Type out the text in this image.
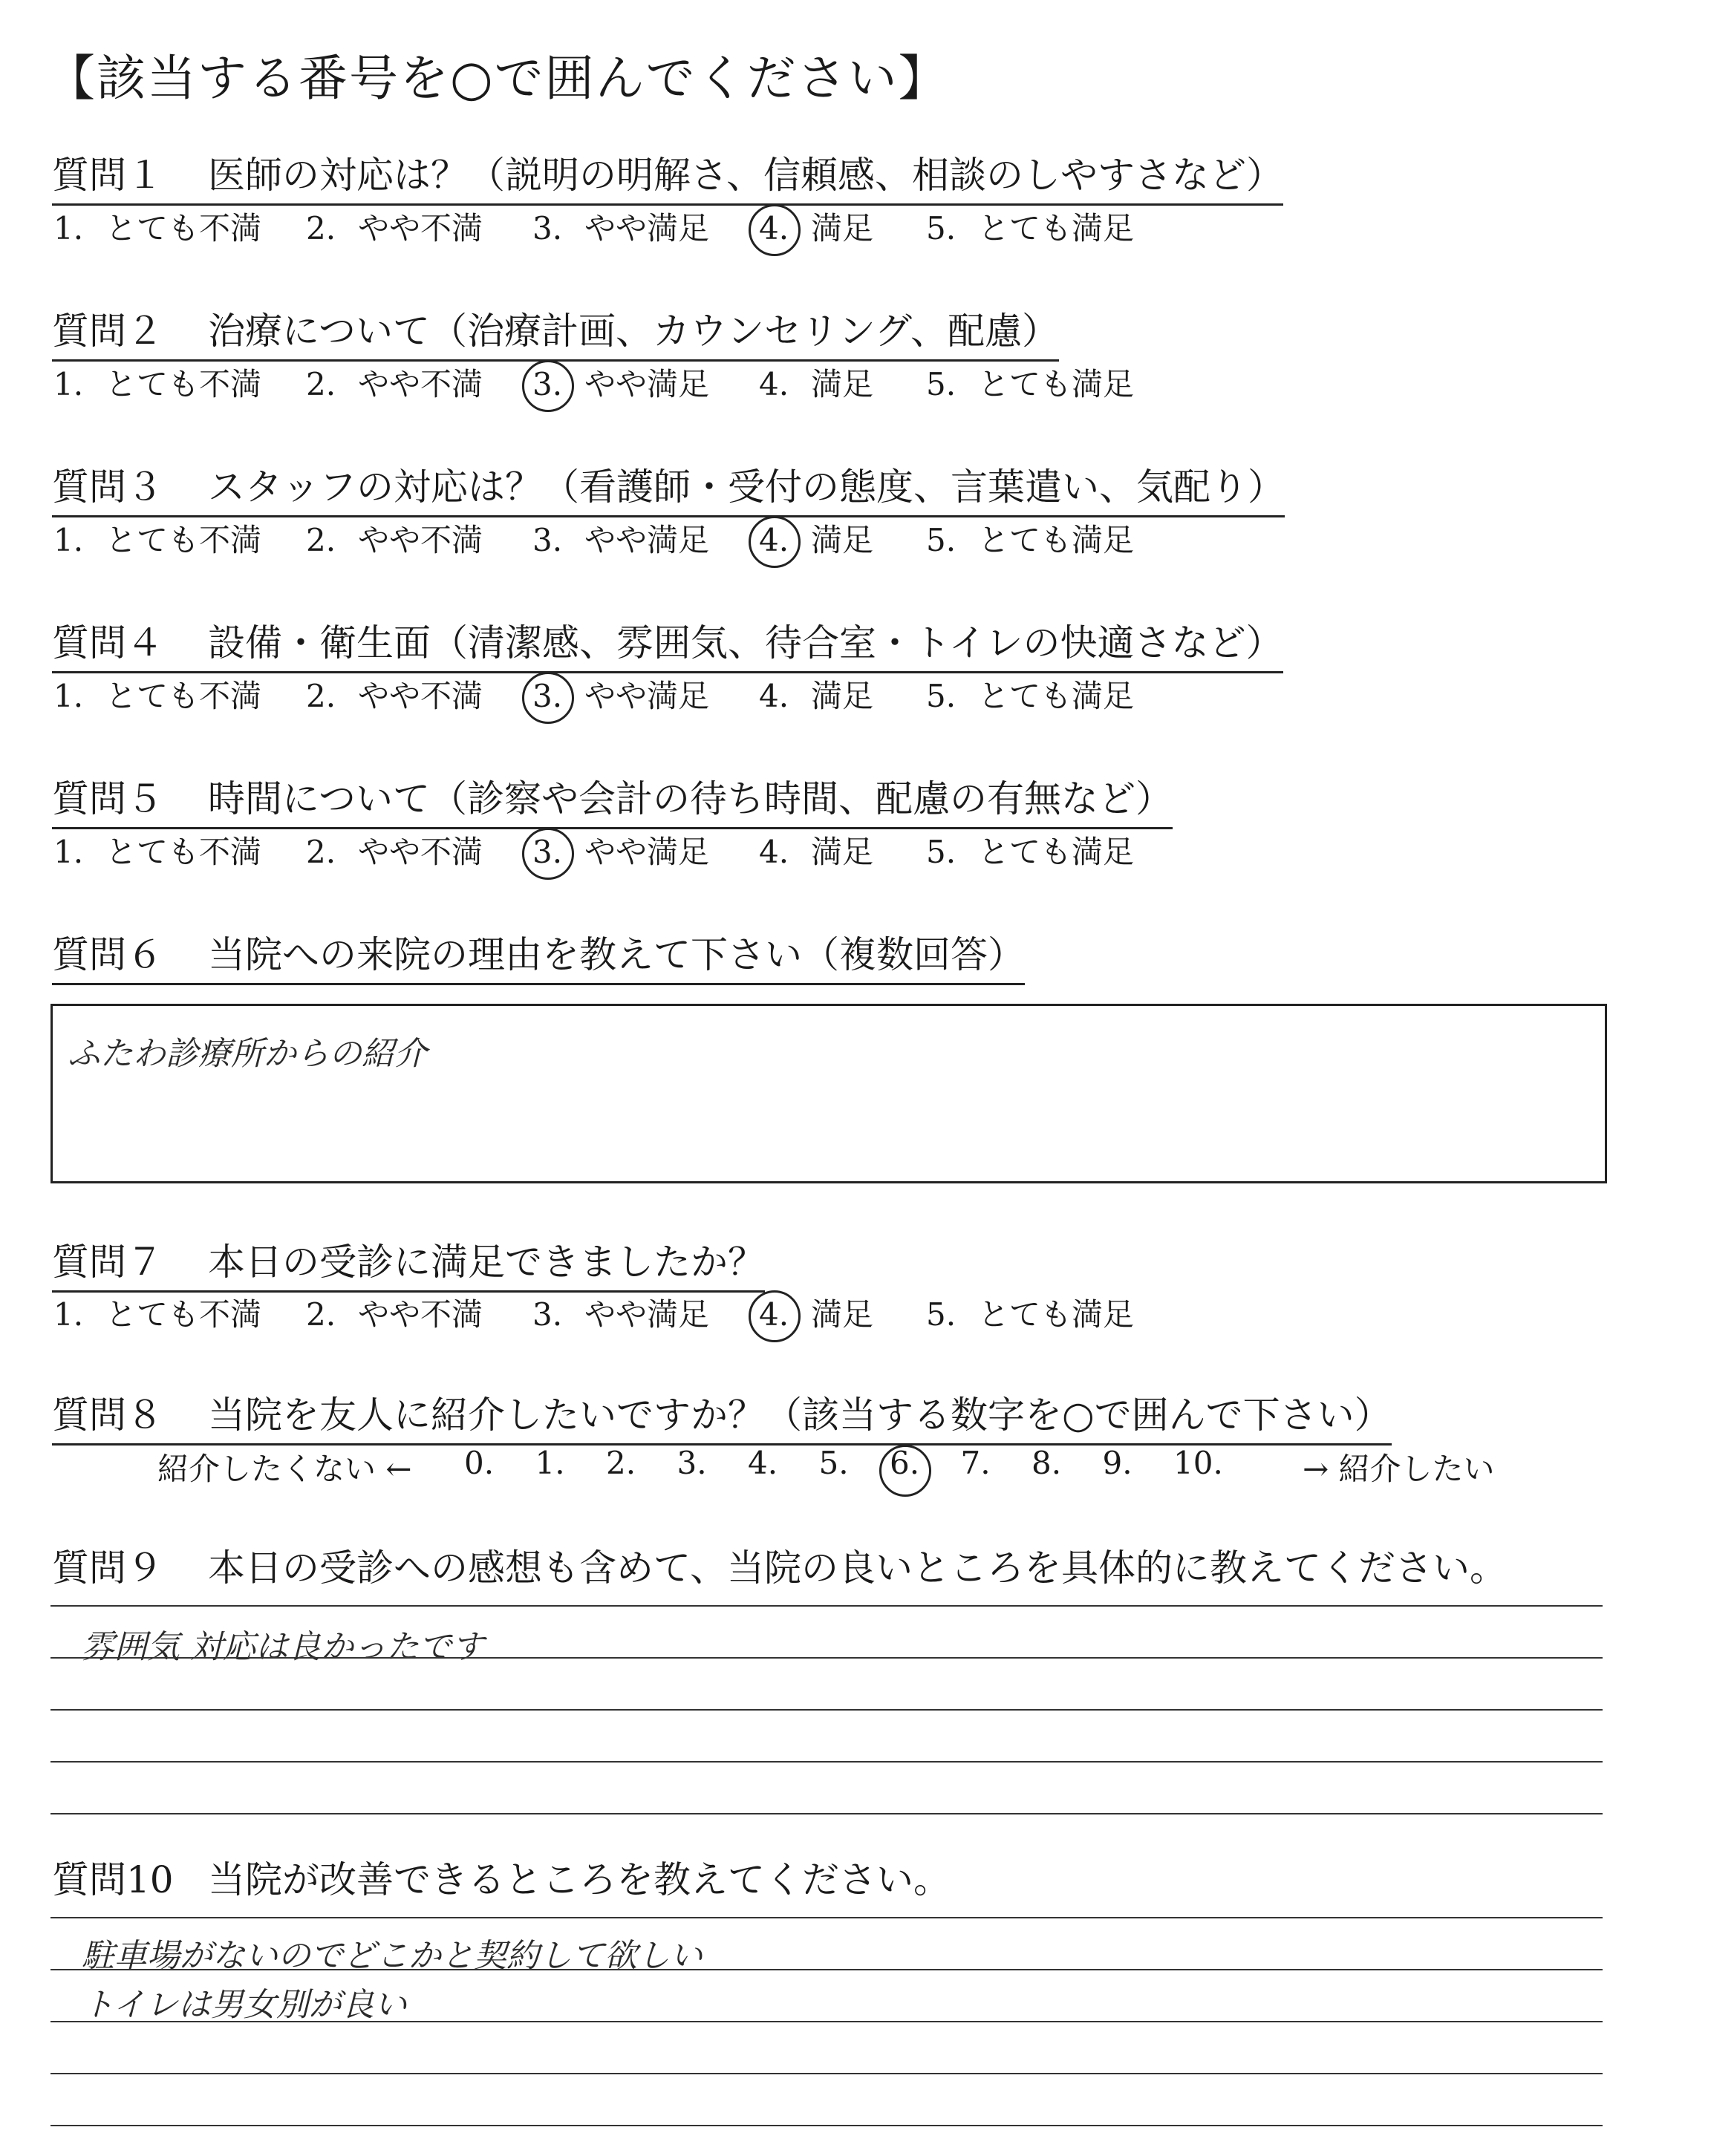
【該当する番号を○で囲んでください】
質問１ 医師の対応は？（説明の明解さ、信頼感、相談のしやすさなど）
1. とても不満 2. やや不満 3. やや満足 4. 満足 5. とても満足
質問２ 治療について（治療計画、カウンセリング、配慮）
1. とても不満 2. やや不満 3. やや満足 4. 満足 5. とても満足
質問３ スタッフの対応は？（看護師・受付の態度、言葉遣い、気配り）
1. とても不満 2. やや不満 3. やや満足 4. 満足 5. とても満足
質問４ 設備・衛生面（清潔感、雰囲気、待合室・トイレの快適さなど）
1. とても不満 2. やや不満 3. やや満足 4. 満足 5. とても満足
質問５ 時間について（診察や会計の待ち時間、配慮の有無など）
1. とても不満 2. やや不満 3. やや満足 4. 満足 5. とても満足
質問６ 当院への来院の理由を教えて下さい（複数回答）
ふたわ診療所からの紹介
質問７ 本日の受診に満足できましたか？
1. とても不満 2. やや不満 3. やや満足 4. 満足 5. とても満足
質問８ 当院を友人に紹介したいですか？（該当する数字を○で囲んで下さい）
紹介したくない ←	→ 紹介したい
0. 1. 2. 3. 4. 5. 6. 7. 8. 9. 10.
質問９ 本日の受診への感想も含めて、当院の良いところを具体的に教えてください。
雰囲気 対応は良かったです
質問10 当院が改善できるところを教えてください。
駐車場がないのでどこかと契約して欲しい
トイレは男女別が良い
